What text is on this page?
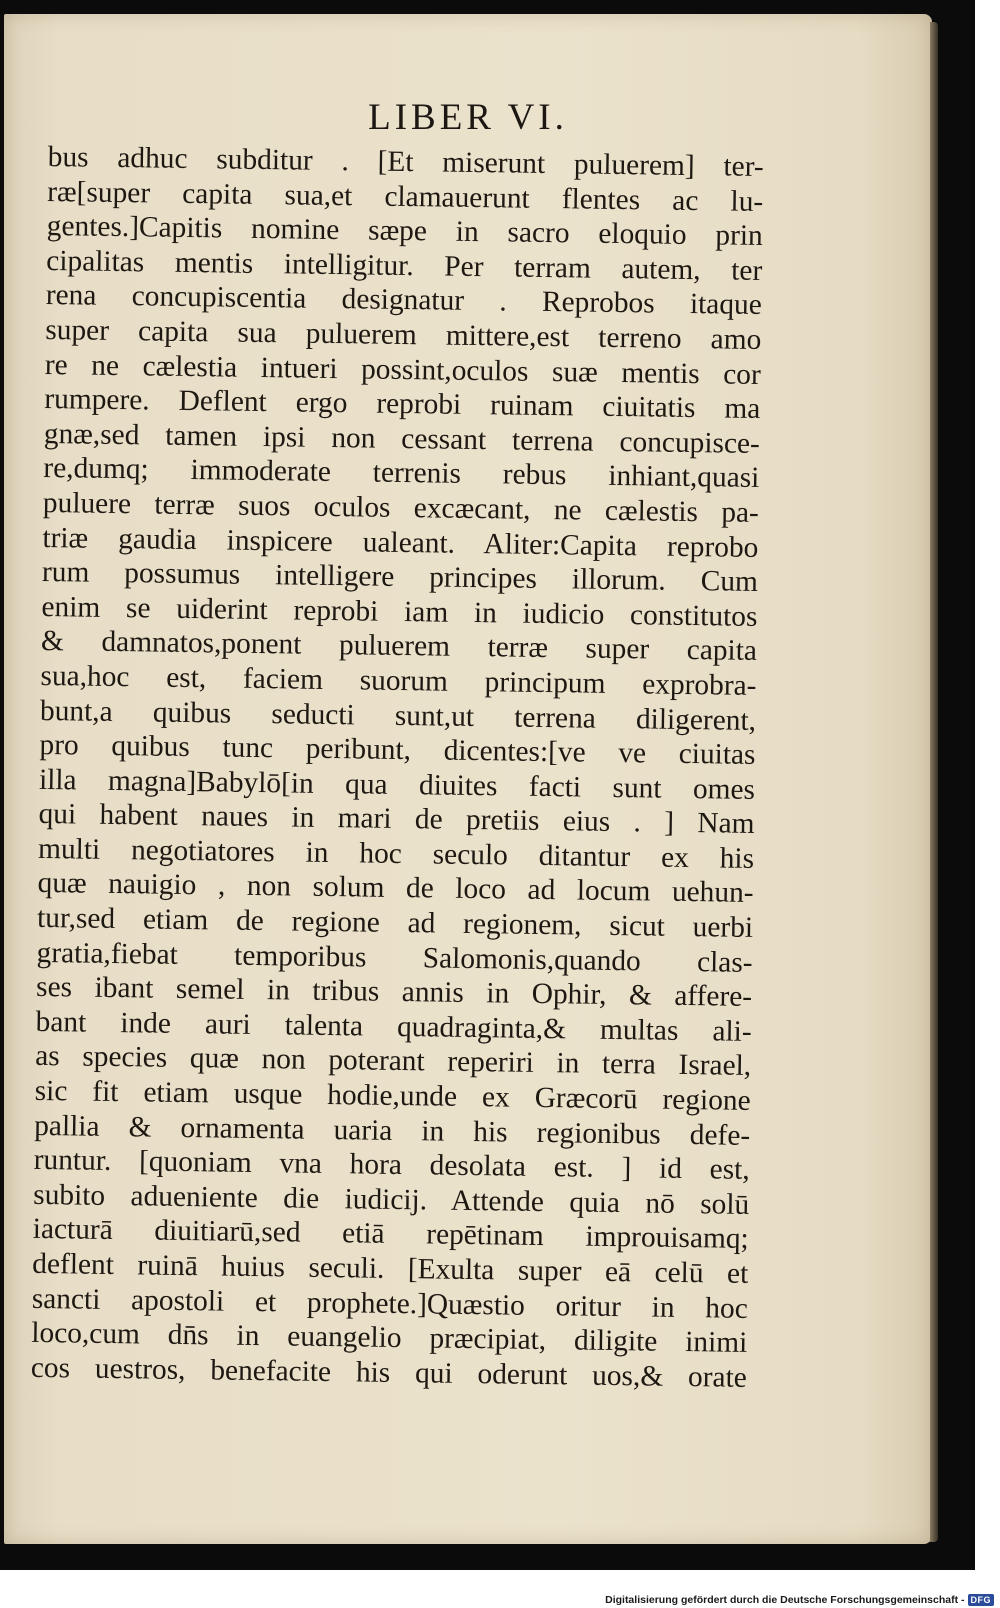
LIBER VI.
bus adhuc subditur . [Et miserunt puluerem] ter-
ræ[super capita sua,et clamauerunt flentes ac lu-
gentes.]Capitis nomine sæpe in sacro eloquio prin
cipalitas mentis intelligitur. Per terram autem, ter
rena concupiscentia designatur . Reprobos itaque
super capita sua puluerem mittere,est terreno amo
re ne cælestia intueri possint,oculos suæ mentis cor
rumpere. Deflent ergo reprobi ruinam ciuitatis ma
gnæ,sed tamen ipsi non cessant terrena concupisce-
re,dumq; immoderate terrenis rebus inhiant,quasi
puluere terræ suos oculos excæcant, ne cælestis pa-
triæ gaudia inspicere ualeant. Aliter:Capita reprobo
rum possumus intelligere principes illorum. Cum
enim se uiderint reprobi iam in iudicio constitutos
& damnatos,ponent puluerem terræ super capita
sua,hoc est, faciem suorum principum exprobra-
bunt,a quibus seducti sunt,ut terrena diligerent,
pro quibus tunc peribunt, dicentes:[ve ve ciuitas
illa magna]Babylō[in qua diuites facti sunt omes
qui habent naues in mari de pretiis eius . ] Nam
multi negotiatores in hoc seculo ditantur ex his
quæ nauigio , non solum de loco ad locum uehun-
tur,sed etiam de regione ad regionem, sicut uerbi
gratia,fiebat temporibus Salomonis,quando clas-
ses ibant semel in tribus annis in Ophir, & affere-
bant inde auri talenta quadraginta,& multas ali-
as species quæ non poterant reperiri in terra Israel,
sic fit etiam usque hodie,unde ex Græcorū regione
pallia & ornamenta uaria in his regionibus defe-
runtur. [quoniam vna hora desolata est. ] id est,
subito adueniente die iudicij. Attende quia nō solū
iacturā diuitiarū,sed etiā repētinam improuisamq;
deflent ruinā huius seculi. [Exulta super eā celū et
sancti apostoli et prophete.]Quæstio oritur in hoc
loco,cum dn̄s in euangelio præcipiat, diligite inimi
cos uestros, benefacite his qui oderunt uos,& orate
Digitalisierung gefördert durch die Deutsche Forschungsgemeinschaft - DFG
